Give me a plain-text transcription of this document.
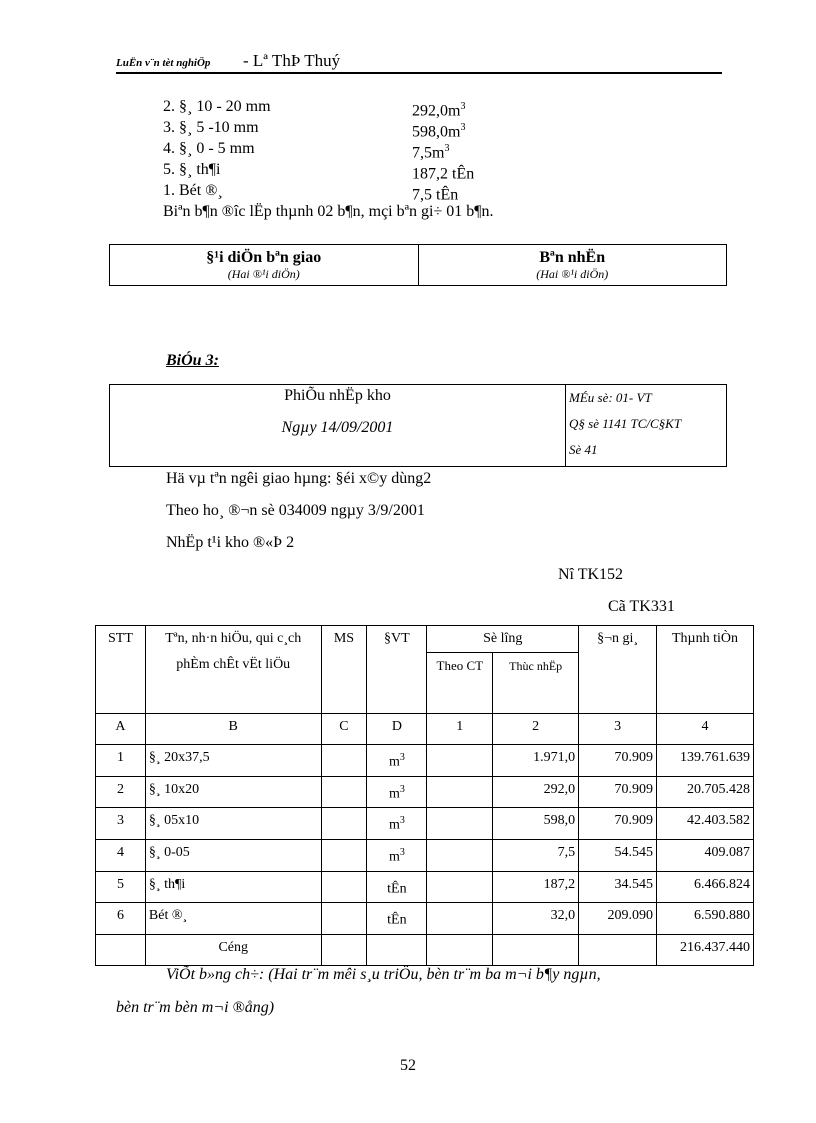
LuËn v¨n tèt nghiÖp - Lª ThÞ Thuý
2. §¸ 10 - 20 mm	$292,0m^3$
3. §¸ 5 -10 mm	$598,0m^3$
4. §¸ 0 - 5 mm	$7,5m^3$
5. §¸ th¶i	187,2 tÊn
1. Bét ®¸	7,5 tÊn
Biªn b¶n ®îc lËp thµnh 02 b¶n, mçi bªn gi÷ 01 b¶n.
§¹i diÖn bªn giao
(Hai ®¹i diÖn)
Bªn nhËn
(Hai ®¹i diÖn)
BiÓu 3:
PhiÕu nhËp kho
Ngµy 14/09/2001
MÉu sè: 01- VT
Q§ sè 1141 TC/C§KT
Sè 41
Hä vµ tªn ngêi giao hµng: §éi x©y dùng2
Theo ho¸ ®¬n sè 034009 ngµy 3/9/2001
NhËp t¹i kho ®«Þ 2
Nî TK152
Cã TK331
STT	Tªn, nh·n hiÖu, qui c¸ch phÈm chÊt vËt liÖu	MS	§VT	Sè lîng		§¬n gi¸	Thµnh tiÒn
				Theo CT	Thùc nhËp		
A	B	C	D	1	2	3	4
1	§¸ 20x37,5		$m^3$		1.971,0	70.909	139.761.639
2	§¸ 10x20		$m^3$		292,0	70.909	20.705.428
3	§¸ 05x10		$m^3$		598,0	70.909	42.403.582
4	§¸ 0-05		$m^3$		7,5	54.545	409.087
5	§¸ th¶i		tÊn		187,2	34.545	6.466.824
6	Bét ®¸		tÊn		32,0	209.090	6.590.880
	Céng						216.437.440
ViÕt b»ng ch÷: (Hai tr¨m mêi s¸u triÖu, bèn tr¨m ba m¬i b¶y ngµn,
bèn tr¨m bèn m¬i ®ång)
52
